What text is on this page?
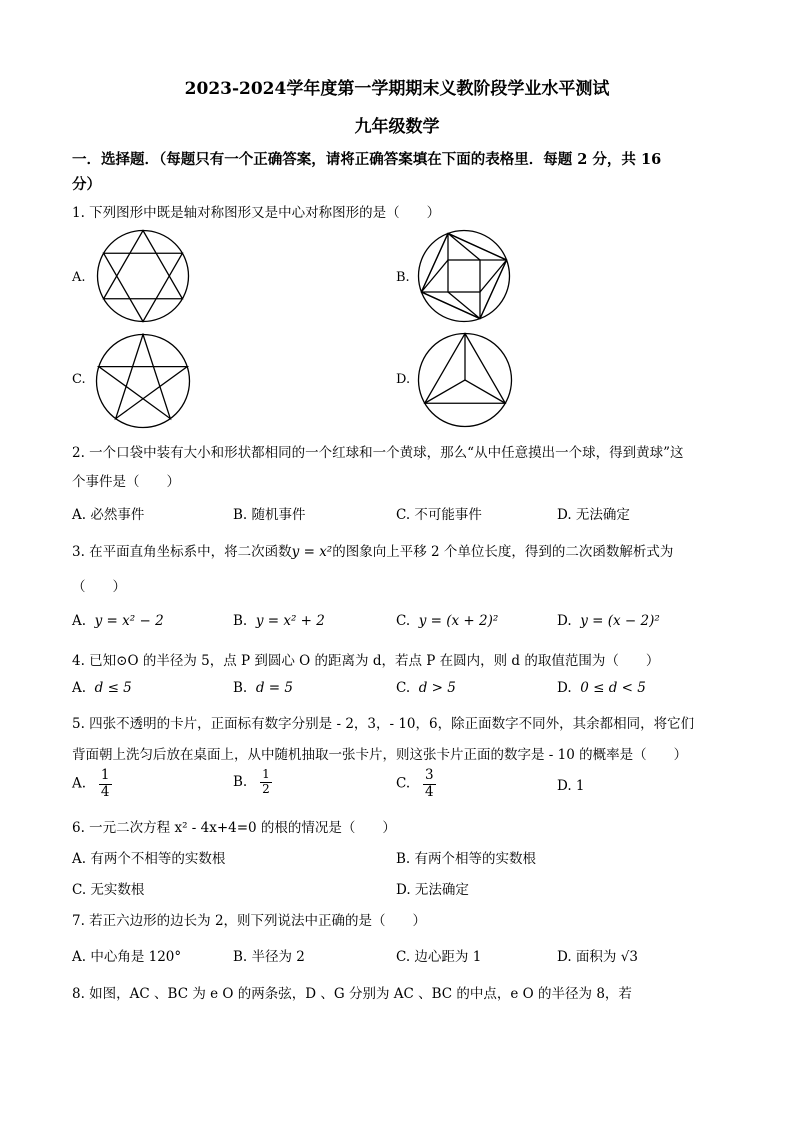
2023-2024学年度第一学期期末义教阶段学业水平测试
九年级数学
一．选择题．（每题只有一个正确答案，请将正确答案填在下面的表格里．每题 2 分，共 16
分）
1. 下列图形中既是轴对称图形又是中心对称图形的是（　　）
A.	B.
C.	D.
2. 一个口袋中装有大小和形状都相同的一个红球和一个黄球，那么“从中任意摸出一个球，得到黄球”这
个事件是（　　）
A. 必然事件	B. 随机事件	C. 不可能事件	D. 无法确定
3. 在平面直角坐标系中，将二次函数y = x²的图象向上平移 2 个单位长度，得到的二次函数解析式为
（　　）
A. y = x² − 2	B. y = x² + 2	C. y = (x + 2)²	D. y = (x − 2)²
4. 已知⊙O 的半径为 5，点 P 到圆心 O 的距离为 d，若点 P 在圆内，则 d 的取值范围为（　　）
A. d ≤ 5	B. d = 5	C. d > 5	D. 0 ≤ d < 5
5. 四张不透明的卡片，正面标有数字分别是 - 2，3，- 10，6，除正面数字不同外，其余都相同，将它们
背面朝上洗匀后放在桌面上，从中随机抽取一张卡片，则这张卡片正面的数字是 - 10 的概率是（　　）
A. $\frac{1}{4}$	B. $\frac{1}{2}$	C. $\frac{3}{4}$	D. 1
6. 一元二次方程 x² - 4x+4=0 的根的情况是（　　）
A. 有两个不相等的实数根	B. 有两个相等的实数根
C. 无实数根	D. 无法确定
7. 若正六边形的边长为 2，则下列说法中正确的是（　　）
A. 中心角是 120°	B. 半径为 2	C. 边心距为 1	D. 面积为 √3
8. 如图，AC 、BC 为 e O 的两条弦，D 、G 分别为 AC 、BC 的中点，e O 的半径为 8，若
